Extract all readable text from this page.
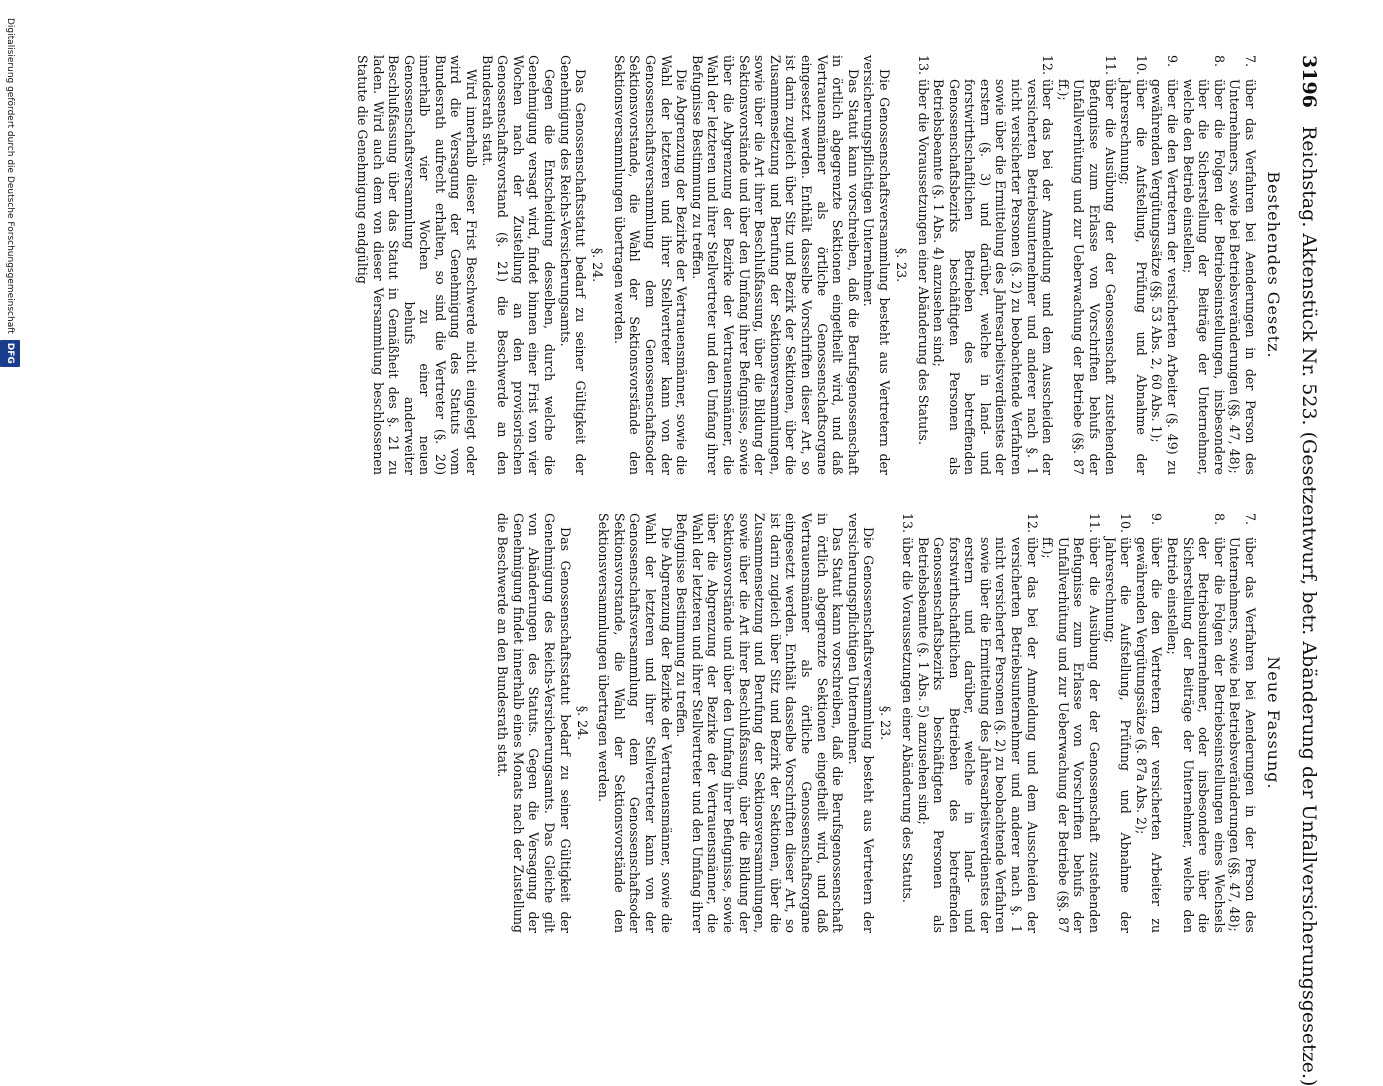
3196 Reichstag. Aktenstück Nr. 523. (Gesetzentwurf, betr. Abänderung der Unfallversicherungsgesetze.)
Bestehendes Gesetz.

7.über das Verfahren bei Aenderungen in der Person des Unternehmers, sowie bei Betriebsveränderungen (§§. 47, 48);

8.über die Folgen der Betriebseinstellungen, insbesondere über die Sicherstellung der Beiträge der Unternehmer, welche den Betrieb einstellen;

9.über die den Vertretern der versicherten Arbeiter (§. 49) zu gewährenden Vergütungssätze (§§. 53 Abs. 2, 60 Abs. 1);

10.über die Aufstellung, Prüfung und Abnahme der Jahresrechnung;

11.über die Ausübung der der Genossenschaft zustehenden Befugnisse zum Erlasse von Vorschriften behufs der Unfallverhütung und zur Ueberwachung der Betriebe (§§. 87 ff.);

12.über das bei der Anmeldung und dem Ausscheiden der versicherten Betriebsunternehmer und anderer nach §. 1 nicht versicherter Personen (§. 2) zu beobachtende Verfahren sowie über die Ermittelung des Jahresarbeitsverdienstes der erstern (§. 3) und darüber, welche in land- und forstwirthschaftlichen Betrieben des betreffenden Genossenschaftsbezirks beschäftigten Personen als Betriebsbeamte (§. 1 Abs. 4) anzusehen sind;

13.über die Voraussetzungen einer Abänderung des Statuts.

§. 23.

Die Genossenschaftsversammlung besteht aus Vertretern der versicherungspflichtigen Unternehmer.

Das Statut kann vorschreiben, daß die Berufsgenossenschaft in örtlich abgegrenzte Sektionen eingetheilt wird, und daß Vertrauensmänner als örtliche Genossenschaftsorgane eingesetzt werden. Enthält dasselbe Vorschriften dieser Art, so ist darin zugleich über Sitz und Bezirk der Sektionen, über die Zusammensetzung und Berufung der Sektionsversammlungen, sowie über die Art ihrer Beschlußfassung, über die Bildung der Sektionsvorstände und über den Umfang ihrer Befugnisse, sowie über die Abgrenzung der Bezirke der Vertrauensmänner, die Wahl der letzteren und ihrer Stellvertreter und den Umfang ihrer Befugnisse Bestimmung zu treffen.

Die Abgrenzung der Bezirke der Vertrauensmänner, sowie die Wahl der letzteren und ihrer Stellvertreter kann von der Genossenschaftsversammlung dem Genossenschaftsoder Sektionsvorstande, die Wahl der Sektionsvorstände den Sektionsversammlungen übertragen werden.

§. 24.

Das Genossenschaftsstatut bedarf zu seiner Gültigkeit der Genehmigung des Reichs-Versicherungsamts.

Gegen die Entscheidung desselben, durch welche die Genehmigung versagt wird, findet binnen einer Frist von vier Wochen nach der Zustellung an den provisorischen Genossenschaftsvorstand (§. 21) die Beschwerde an den Bundesrath statt.

Wird innerhalb dieser Frist Beschwerde nicht eingelegt oder wird die Versagung der Genehmigung des Statuts vom Bundesrath aufrecht erhalten, so sind die Vertreter (§. 20) innerhalb vier Wochen zu einer neuen Genossenschaftsversammlung behufs anderweiter Beschlußfassung über das Statut in Gemäßheit des §. 21 zu laden. Wird auch dem von dieser Versammlung beschlossenen Statute die Genehmigung endgültig

Neue Fassung.

7.über das Verfahren bei Aenderungen in der Person des Unternehmers, sowie bei Betriebsveränderungen (§§. 47, 48);

8.über die Folgen der Betriebseinstellungen eines Wechsels der Betriebsunternehmer, oder insbesondere über die Sicherstellung der Beiträge der Unternehmer, welche den Betrieb einstellen;

9.über die den Vertretern der versicherten Arbeiter zu gewährenden Vergütungssätze (§. 87a Abs. 2);

10.über die Aufstellung, Prüfung und Abnahme der Jahresrechnung;

11.über die Ausübung der der Genossenschaft zustehenden Befugnisse zum Erlasse von Vorschriften behufs der Unfallverhütung und zur Ueberwachung der Betriebe (§§. 87 ff.);

12.über das bei der Anmeldung und dem Ausscheiden der versicherten Betriebsunternehmer und anderer nach §. 1 nicht versicherter Personen (§. 2) zu beobachtende Verfahren sowie über die Ermittelung des Jahresarbeitsverdienstes der erstern und darüber, welche in land- und forstwirthschaftlichen Betrieben des betreffenden Genossenschaftsbezirks beschäftigten Personen als Betriebsbeamte (§. 1 Abs. 5) anzusehen sind;

13.über die Voraussetzungen einer Abänderung des Statuts.

§. 23.

Die Genossenschaftsversammlung besteht aus Vertretern der versicherungspflichtigen Unternehmer.

Das Statut kann vorschreiben, daß die Berufsgenossenschaft in örtlich abgegrenzte Sektionen eingetheilt wird, und daß Vertrauensmänner als örtliche Genossenschaftsorgane eingesetzt werden. Enthält dasselbe Vorschriften dieser Art, so ist darin zugleich über Sitz und Bezirk der Sektionen, über die Zusammensetzung und Berufung der Sektionsversammlungen, sowie über die Art ihrer Beschlußfassung, über die Bildung der Sektionsvorstände und über den Umfang ihrer Befugnisse, sowie über die Abgrenzung der Bezirke der Vertrauensmänner, die Wahl der letzteren und ihrer Stellvertreter und den Umfang ihrer Befugnisse Bestimmung zu treffen.

Die Abgrenzung der Bezirke der Vertrauensmänner, sowie die Wahl der letzteren und ihrer Stellvertreter kann von der Genossenschaftsversammlung dem Genossenschaftsoder Sektionsvorstande, die Wahl der Sektionsvorstände den Sektionsversammlungen übertragen werden.

§. 24.

Das Genossenschaftsstatut bedarf zu seiner Gültigkeit der Genehmigung des Reichs-Versicherungsamts. Das Gleiche gilt von Abänderungen des Statuts. Gegen die Versagung der Genehmigung findet innerhalb eines Monats nach der Zustellung die Beschwerde an den Bundesrath statt.

Digitalisierung gefördert durch die Deutsche Forschungsgemeinschaft
DFG
